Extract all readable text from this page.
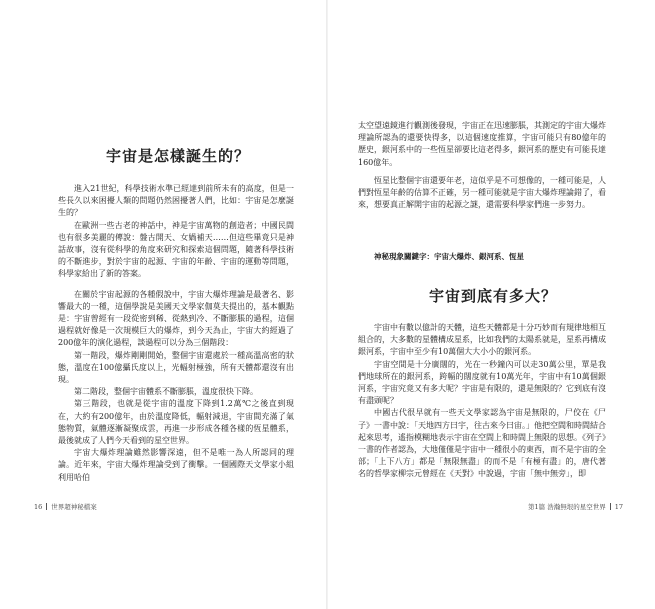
宇宙是怎樣誕生的？

進入21世紀，科學技術水準已經達到前所未有的高度，但是一些長久以來困擾人類的問題仍然困擾著人們，比如：宇宙是怎麼誕生的？

在歐洲一些古老的神話中，神是宇宙萬物的創造者；中國民間也有很多美麗的傳說：盤古開天、女媧補天……但這些畢竟只是神話故事，沒有從科學的角度來研究和探索這個問題，隨著科學技術的不斷進步，對於宇宙的起源、宇宙的年齡、宇宙的運動等問題，科學家給出了新的答案。

在關於宇宙起源的各種假說中，宇宙大爆炸理論是最著名、影響最大的一種，這個學說是美國天文學家伽莫夫提出的，基本觀點是：宇宙曾經有一段從密到稀、從熱到冷、不斷膨脹的過程，這個過程就好像是一次規模巨大的爆炸，到今天為止，宇宙大約經過了200億年的演化過程，談過程可以分為三個階段：

第一階段，爆炸剛剛開始，整個宇宙還處於一種高溫高密的狀態，溫度在100億攝氏度以上，光輻射極強，所有天體都還沒有出現。

第二階段，整個宇宙體系不斷膨脹，溫度很快下降。

第三階段，也就是從宇宙的溫度下降到1.2萬℃之後直到現在，大約有200億年，由於溫度降低，輻射減退，宇宙間充滿了氣態物質，氣體逐漸凝聚成雲，再進一步形成各種各樣的恆星體系，最後就成了人們今天看到的星空世界。

宇宙大爆炸理論雖然影響深遠，但不是唯一為人所認同的理論。近年來，宇宙大爆炸理論受到了衝擊。一個國際天文學家小組利用哈伯

16 世界超神秘檔案

太空望遠鏡進行觀測後發現，宇宙正在迅速膨脹，其測定的宇宙大爆炸理論所認為的還要快得多，以這個速度推算，宇宙可能只有80億年的歷史，銀河系中的一些恆星卻要比這老得多，銀河系的歷史有可能長達160億年。

恆星比整個宇宙還要年老，這似乎是不可想像的，一種可能是，人們對恆星年齡的估算不正確，另一種可能就是宇宙大爆炸理論錯了，看來，想要真正解開宇宙的起源之謎，還需要科學家們進一步努力。

神秘現象關鍵字：宇宙大爆炸、銀河系、恆星
宇宙到底有多大？

宇宙中有數以億計的天體，這些天體都是十分巧妙而有規律地相互組合的，大多數的星體構成星系，比如我們的太陽系就是，星系再構成銀河系，宇宙中至少有10萬個大大小小的銀河系。

宇宙空間是十分廣闊的，光在一秒鐘內可以走30萬公里，單是我們地球所在的銀河系，跨幅的闊度就有10萬光年，宇宙中有10萬個銀河系，宇宙究竟又有多大呢？宇宙是有限的，還是無限的？它到底有沒有盡頭呢？

中國古代很早就有一些天文學家認為宇宙是無限的，尸佼在《尸子》一書中說：「天地四方曰宇，往古來今曰宙。」他把空間和時間結合起來思考，遙指模糊地表示宇宙在空間上和時間上無限的思想。《列子》一書的作者認為，大地僅僅是宇宙中一種很小的東西，而不是宇宙的全部；「上下八方」都是「無限無盡」的而不是「有極有盡」的，唐代著名的哲學家柳宗元曾經在《天對》中說過，宇宙「無中無旁」，即

第1篇 浩瀚無垠的星空世界 17
